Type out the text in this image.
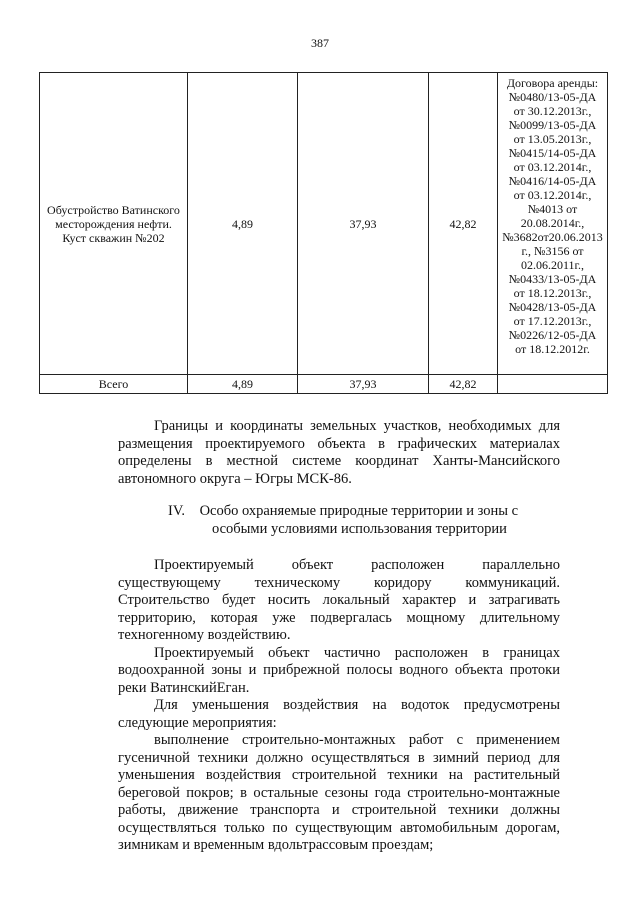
387
Обустройство Ватинского месторождения нефти. Куст скважин №202	4,89	37,93	42,82	Договора аренды: №0480/13-05-ДА от 30.12.2013г., №0099/13-05-ДА от 13.05.2013г., №0415/14-05-ДА от 03.12.2014г., №0416/14-05-ДА от 03.12.2014г., №4013 от 20.08.2014г., №3682от20.06.2013 г., №3156 от 02.06.2011г., №0433/13-05-ДА от 18.12.2013г., №0428/13-05-ДА от 17.12.2013г., №0226/12-05-ДА от 18.12.2012г.
Всего	4,89	37,93	42,82	

Границы и координаты земельных участков, необходимых для размещения проектируемого объекта в графических материалах определены в местной системе координат Ханты-Мансийского автономного округа – Югры МСК-86.

IV. Особо охраняемые природные территории и зоны с
особыми условиями использования территории

Проектируемый объект расположен параллельно существующему техническому коридору коммуникаций. Строительство будет носить локальный характер и затрагивать территорию, которая уже подвергалась мощному длительному техногенному воздействию.

Проектируемый объект частично расположен в границах водоохранной зоны и прибрежной полосы водного объекта протоки реки ВатинскийЕган.

Для уменьшения воздействия на водоток предусмотрены следующие мероприятия:

выполнение строительно-монтажных работ с применением гусеничной техники должно осуществляться в зимний период для уменьшения воздействия строительной техники на растительный береговой покров; в остальные сезоны года строительно-монтажные работы, движение транспорта и строительной техники должны осуществляться только по существующим автомобильным дорогам, зимникам и временным вдольтрассовым проездам;
